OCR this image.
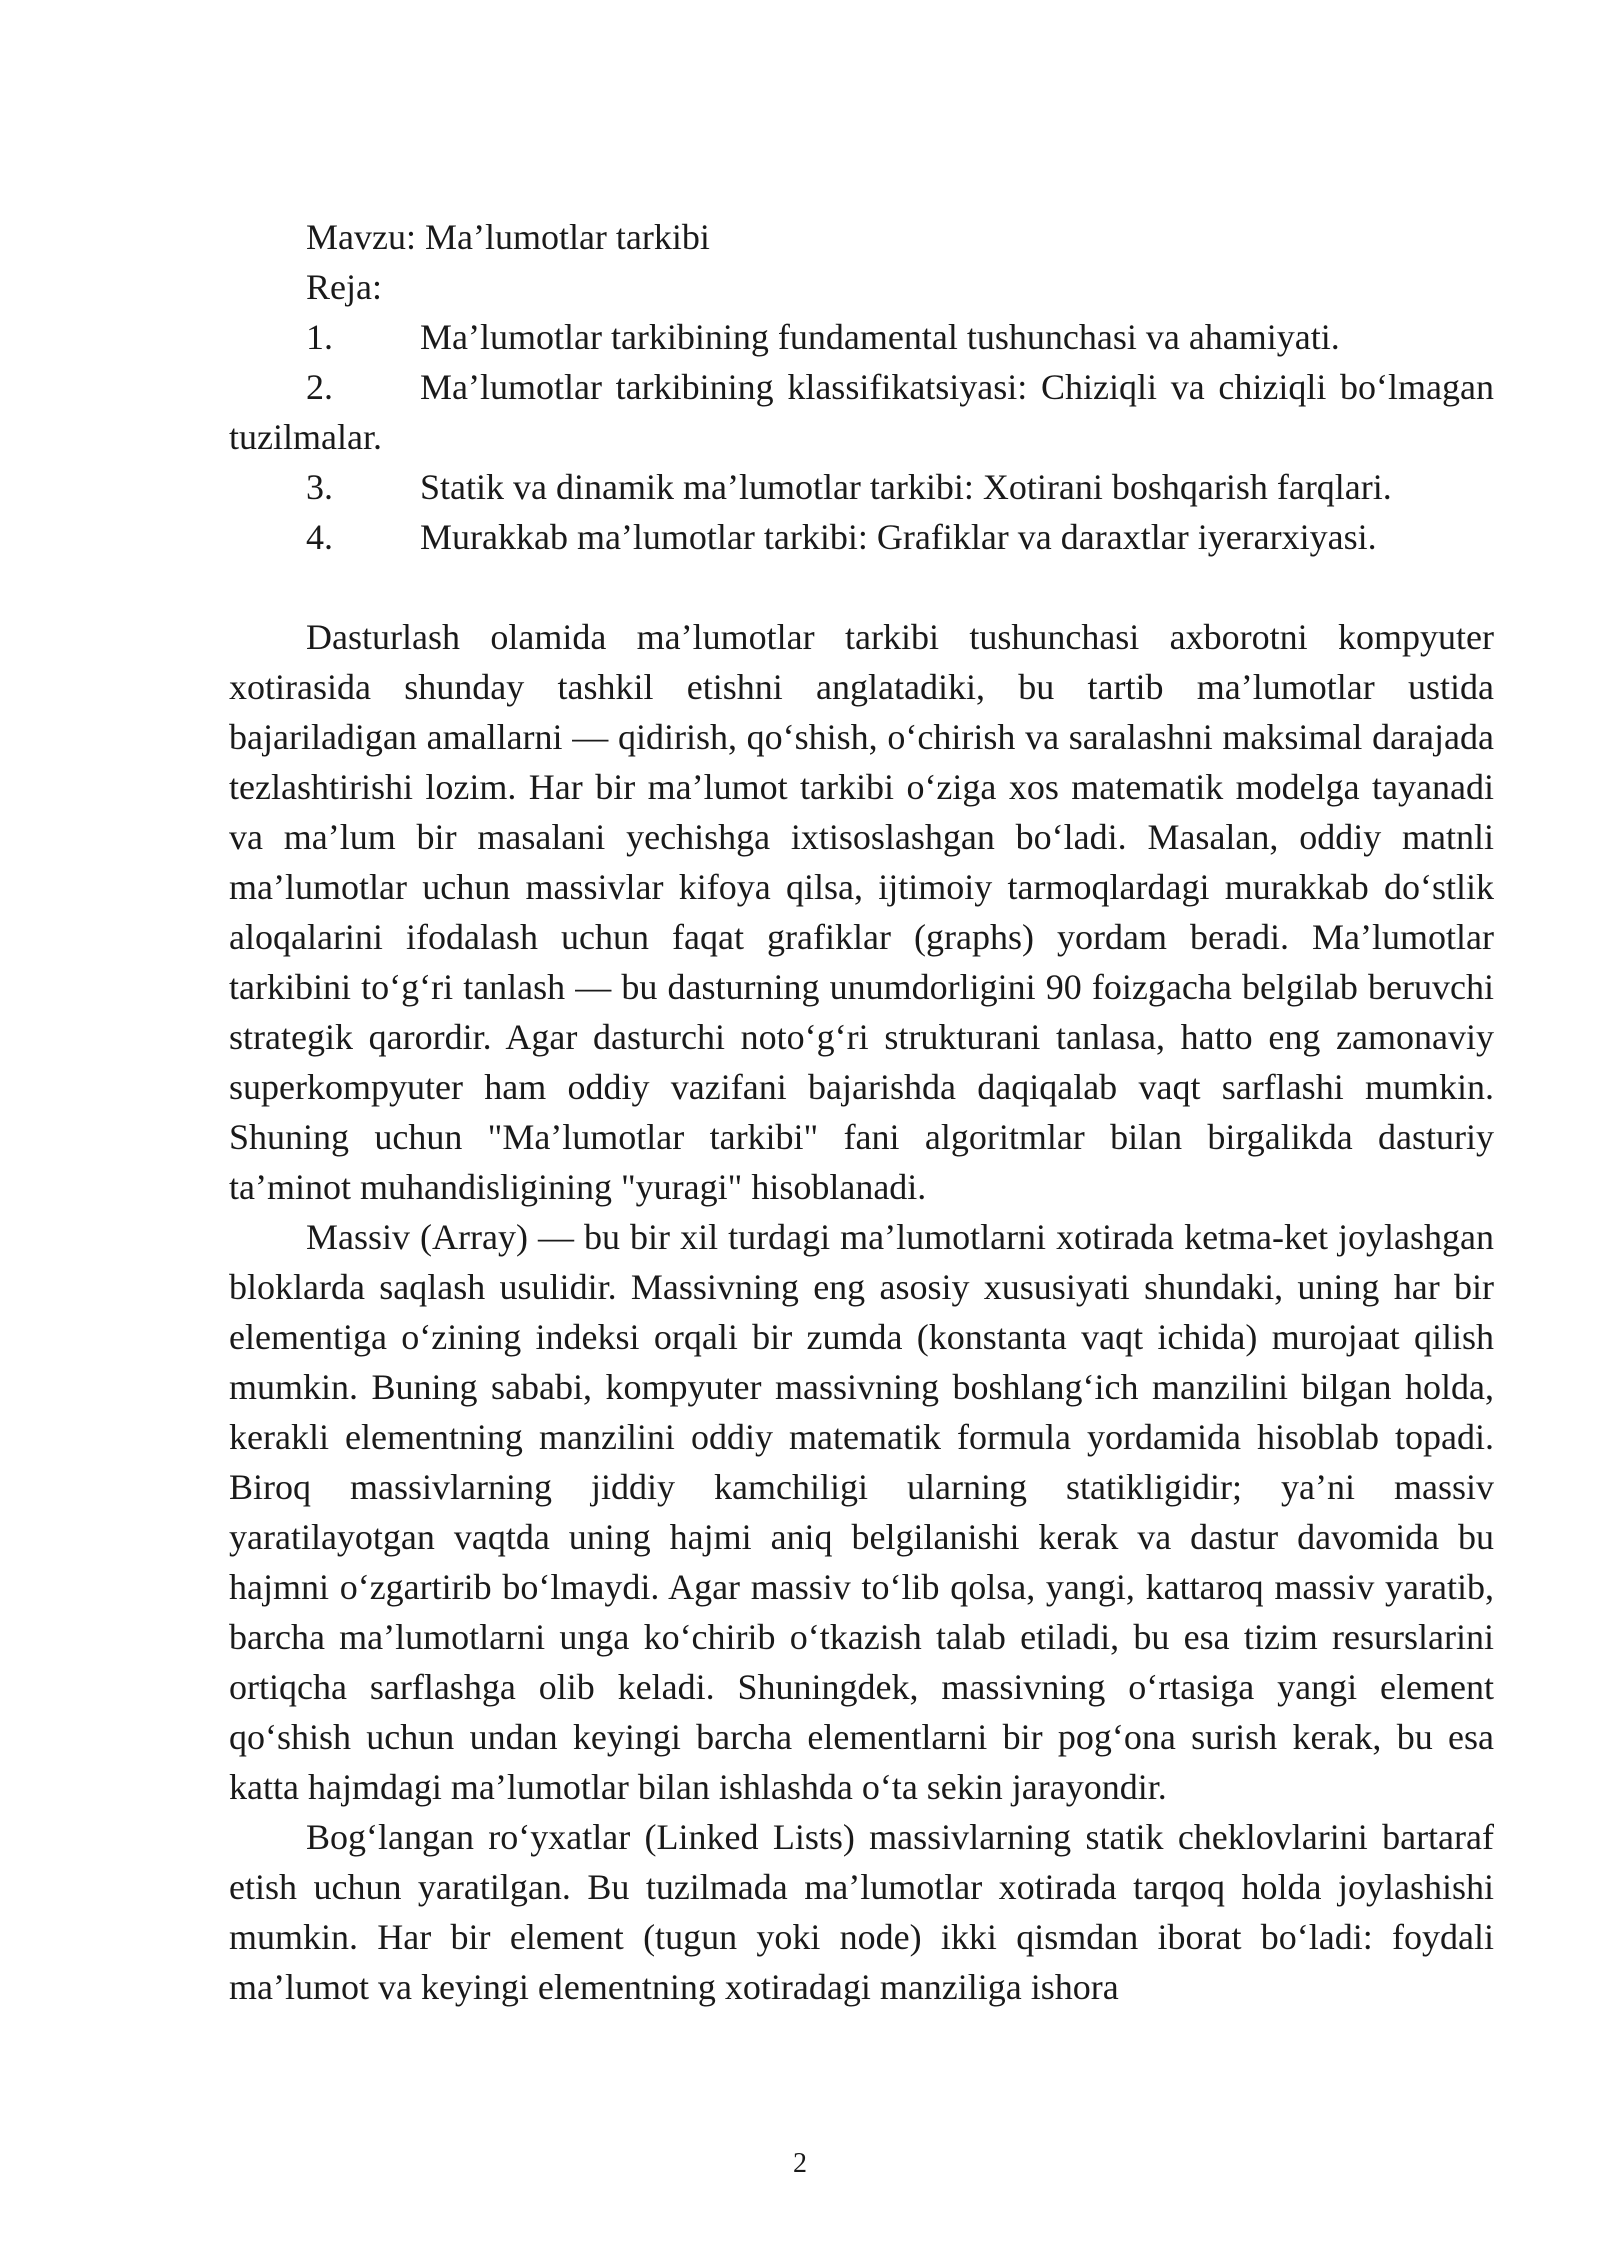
Mavzu: Ma’lumotlar tarkibi

Reja:

1.	Ma’lumotlar tarkibining fundamental tushunchasi va ahamiyati.
2. Ma’lumotlar tarkibining klassifikatsiyasi: Chiziqli va chiziqli bo‘lmagan tuzilmalar.
3.	Statik va dinamik ma’lumotlar tarkibi: Xotirani boshqarish farqlari.
4.	Murakkab ma’lumotlar tarkibi: Grafiklar va daraxtlar iyerarxiyasi.

Dasturlash olamida ma’lumotlar tarkibi tushunchasi axborotni kompyuter xotirasida shunday tashkil etishni anglatadiki, bu tartib ma’lumotlar ustida bajariladigan amallarni — qidirish, qo‘shish, o‘chirish va saralashni maksimal darajada tezlashtirishi lozim. Har bir ma’lumot tarkibi o‘ziga xos matematik modelga tayanadi va ma’lum bir masalani yechishga ixtisoslashgan bo‘ladi. Masalan, oddiy matnli ma’lumotlar uchun massivlar kifoya qilsa, ijtimoiy tarmoqlardagi murakkab do‘stlik aloqalarini ifodalash uchun faqat grafiklar (graphs) yordam beradi. Ma’lumotlar tarkibini to‘g‘ri tanlash — bu dasturning unumdorligini 90 foizgacha belgilab beruvchi strategik qarordir. Agar dasturchi noto‘g‘ri strukturani tanlasa, hatto eng zamonaviy superkompyuter ham oddiy vazifani bajarishda daqiqalab vaqt sarflashi mumkin. Shuning uchun "Ma’lumotlar tarkibi" fani algoritmlar bilan birgalikda dasturiy ta’minot muhandisligining "yuragi" hisoblanadi.

Massiv (Array) — bu bir xil turdagi ma’lumotlarni xotirada ketma-ket joylashgan bloklarda saqlash usulidir. Massivning eng asosiy xususiyati shundaki, uning har bir elementiga o‘zining indeksi orqali bir zumda (konstanta vaqt ichida) murojaat qilish mumkin. Buning sababi, kompyuter massivning boshlang‘ich manzilini bilgan holda, kerakli elementning manzilini oddiy matematik formula yordamida hisoblab topadi. Biroq massivlarning jiddiy kamchiligi ularning statikligidir; ya’ni massiv yaratilayotgan vaqtda uning hajmi aniq belgilanishi kerak va dastur davomida bu hajmni o‘zgartirib bo‘lmaydi. Agar massiv to‘lib qolsa, yangi, kattaroq massiv yaratib, barcha ma’lumotlarni unga ko‘chirib o‘tkazish talab etiladi, bu esa tizim resurslarini ortiqcha sarflashga olib keladi. Shuningdek, massivning o‘rtasiga yangi element qo‘shish uchun undan keyingi barcha elementlarni bir pog‘ona surish kerak, bu esa katta hajmdagi ma’lumotlar bilan ishlashda o‘ta sekin jarayondir.

Bog‘langan ro‘yxatlar (Linked Lists) massivlarning statik cheklovlarini bartaraf etish uchun yaratilgan. Bu tuzilmada ma’lumotlar xotirada tarqoq holda joylashishi mumkin. Har bir element (tugun yoki node) ikki qismdan iborat bo‘ladi: foydali ma’lumot va keyingi elementning xotiradagi manziliga ishora

2
